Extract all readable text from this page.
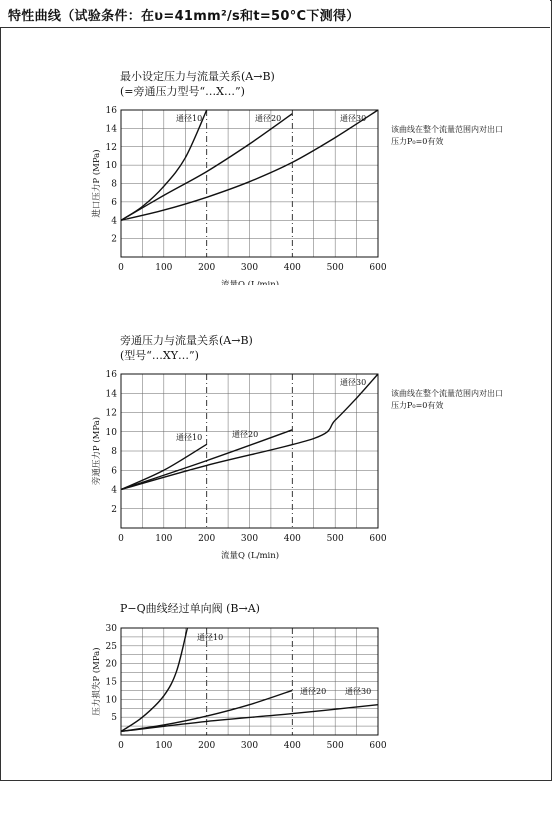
特性曲线（试验条件：在υ=41mm²/s和t=50°C下测得）
最小设定压力与流量关系(A→B)
(=旁通压力型号“…X…”)
0	100	200	300	400	500	600
2
4
6
8
10
12
14
16
流量Q (L/min)
进口压力P (MPa)
该曲线在整个流量范围内对出口
压力P₀=0有效
通径10	通径20	通径30
旁通压力与流量关系(A→B)
(型号“…XY…”)
0	100	200	300	400	500	600
2
4
6
8
10
12
14
16
流量Q (L/min)
旁通压力P (MPa)
该曲线在整个流量范围内对出口
压力P₀=0有效
通径10	通径20
通径30
P−Q曲线经过单向阀 (B→A)
0	100	200	300	400	500	600
5
10
15
20
25
30
压力损失P (MPa)
通径10
通径20 通径30
